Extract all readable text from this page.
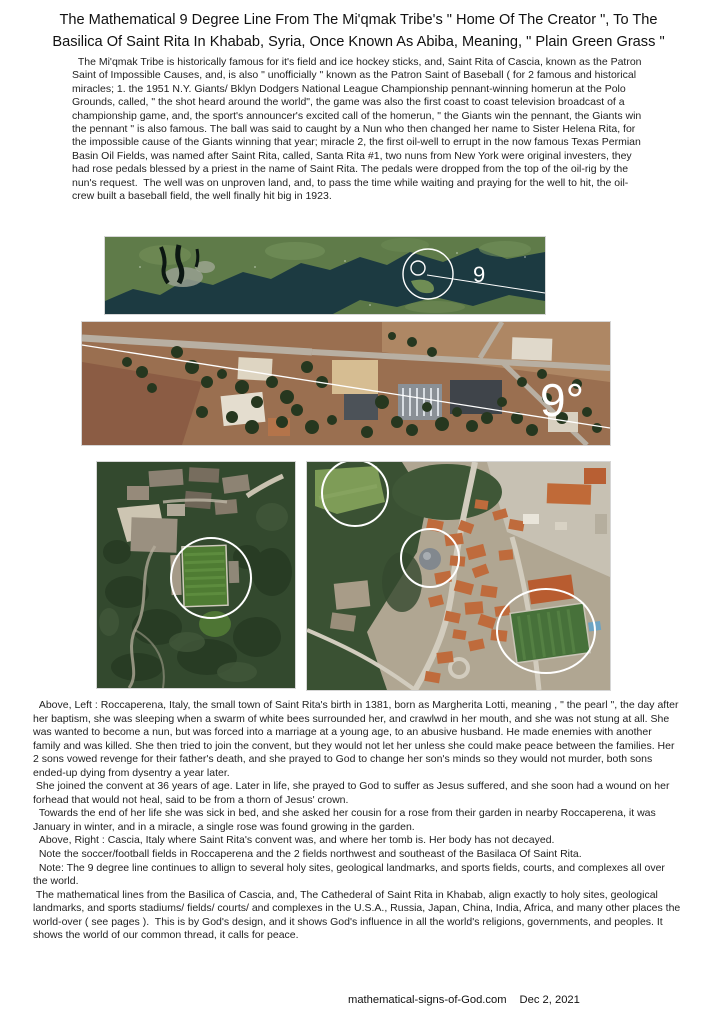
The Mathematical 9 Degree Line From The Mi'qmak Tribe's " Home Of The Creator ", To The
Basilica Of Saint Rita In Khabab, Syria, Once Known As Abiba, Meaning, " Plain Green Grass "
The Mi'qmak Tribe is historically famous for it's field and ice hockey sticks, and, Saint Rita of Cascia, known as the Patron Saint of Impossible Causes, and, is also " unofficially " known as the Patron Saint of Baseball ( for 2 famous and historical miracles; 1. the 1951 N.Y. Giants/ Bklyn Dodgers National League Championship pennant-winning homerun at the Polo Grounds, called, " the shot heard around the world", the game was also the first coast to coast television broadcast of a championship game, and, the sport's announcer's excited call of the homerun, " the Giants win the pennant, the Giants win the pennant " is also famous. The ball was said to caught by a Nun who then changed her name to Sister Helena Rita, for the impossible cause of the Giants winning that year; miracle 2, the first oil-well to errupt in the now famous Texas Permian Basin Oil Fields, was named after Saint Rita, called, Santa Rita #1, two nuns from New York were original investers, they had rose pedals blessed by a priest in the name of Saint Rita. The pedals were dropped from the top of the oil-rig by the nun's request.  The well was on unproven land, and, to pass the time while waiting and praying for the well to hit, the oil-crew built a baseball field, the well finally hit big in 1923.
9
9°

Above, Left : Roccaperena, Italy, the small town of Saint Rita's birth in 1381, born as Margherita Lotti, meaning , " the pearl ", the day after her baptism, she was sleeping when a swarm of white bees surrounded her, and crawlwd in her mouth, and she was not stung at all. She was wanted to become a nun, but was forced into a marriage at a young age, to an abusive husband. He made enemies with another family and was killed. She then tried to join the convent, but they would not let her unless she could make peace between the families. Her 2 sons vowed revenge for their father's death, and she prayed to God to change her son's minds so they would not murder, both sons ended-up dying from dysentry a year later.

She joined the convent at 36 years of age. Later in life, she prayed to God to suffer as Jesus suffered, and she soon had a wound on her forhead that would not heal, said to be from a thorn of Jesus' crown.

Towards the end of her life she was sick in bed, and she asked her cousin for a rose from their garden in nearby Roccaperena, it was January in winter, and in a miracle, a single rose was found growing in the garden.

Above, Right : Cascia, Italy where Saint Rita's convent was, and where her tomb is. Her body has not decayed.

Note the soccer/football fields in Roccaperena and the 2 fields northwest and southeast of the Basilaca Of Saint Rita.

Note: The 9 degree line continues to allign to several holy sites, geological landmarks, and sports fields, courts, and complexes all over the world.

The mathematical lines from the Basilica of Cascia, and, The Cathederal of Saint Rita in Khabab, align exactly to holy sites, geological landmarks, and sports stadiums/ fields/ courts/ and complexes in the U.S.A., Russia, Japan, China, India, Africa, and many other places the world-over ( see pages ).  This is by God's design, and it shows God's influence in all the world's religions, governments, and peoples. It shows the world of our common thread, it calls for peace.

mathematical-signs-of-God.com Dec 2, 2021
